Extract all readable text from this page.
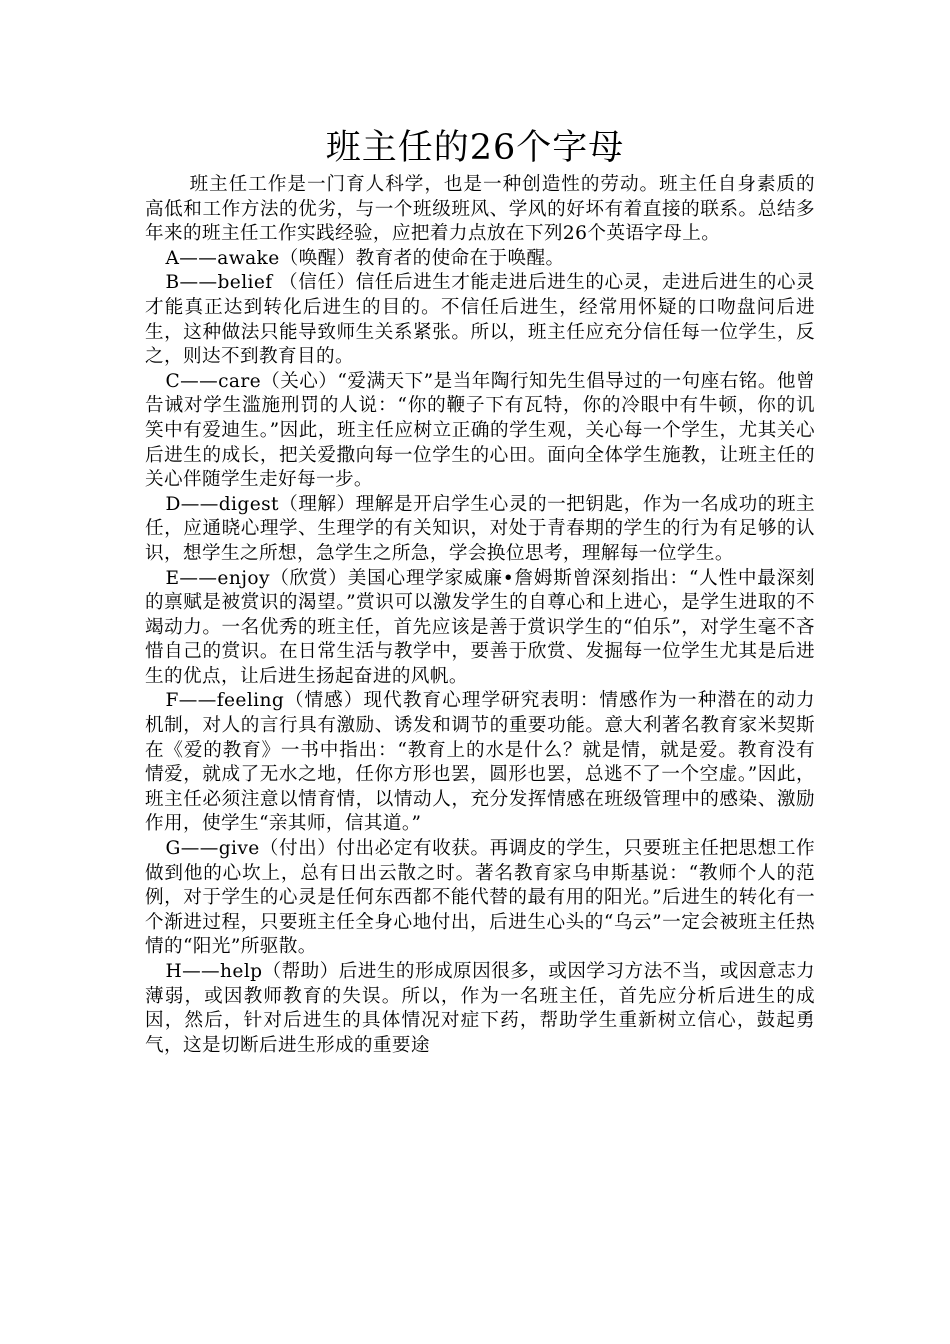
班主任的26个字母

班主任工作是一门育人科学，也是一种创造性的劳动。班主任自身素质的高低和工作方法的优劣，与一个班级班风、学风的好坏有着直接的联系。总结多年来的班主任工作实践经验，应把着力点放在下列26个英语字母上。

A——awake（唤醒）教育者的使命在于唤醒。

B——belief （信任）信任后进生才能走进后进生的心灵，走进后进生的心灵才能真正达到转化后进生的目的。不信任后进生，经常用怀疑的口吻盘问后进生，这种做法只能导致师生关系紧张。所以，班主任应充分信任每一位学生，反之，则达不到教育目的。

C——care（关心）“爱满天下”是当年陶行知先生倡导过的一句座右铭。他曾告诫对学生滥施刑罚的人说：“你的鞭子下有瓦特，你的冷眼中有牛顿，你的讥笑中有爱迪生。”因此，班主任应树立正确的学生观，关心每一个学生，尤其关心后进生的成长，把关爱撒向每一位学生的心田。面向全体学生施教，让班主任的关心伴随学生走好每一步。

D——digest（理解）理解是开启学生心灵的一把钥匙，作为一名成功的班主任，应通晓心理学、生理学的有关知识，对处于青春期的学生的行为有足够的认识，想学生之所想，急学生之所急，学会换位思考，理解每一位学生。

E——enjoy（欣赏）美国心理学家威廉•詹姆斯曾深刻指出：“人性中最深刻的禀赋是被赏识的渴望。”赏识可以激发学生的自尊心和上进心，是学生进取的不竭动力。一名优秀的班主任，首先应该是善于赏识学生的“伯乐”，对学生毫不吝惜自己的赏识。在日常生活与教学中，要善于欣赏、发掘每一位学生尤其是后进生的优点，让后进生扬起奋进的风帆。

F——feeling（情感）现代教育心理学研究表明：情感作为一种潜在的动力机制，对人的言行具有激励、诱发和调节的重要功能。意大利著名教育家米契斯在《爱的教育》一书中指出：“教育上的水是什么？就是情，就是爱。教育没有情爱，就成了无水之地，任你方形也罢，圆形也罢，总逃不了一个空虚。”因此，班主任必须注意以情育情，以情动人，充分发挥情感在班级管理中的感染、激励作用，使学生“亲其师，信其道。”

G——give（付出）付出必定有收获。再调皮的学生，只要班主任把思想工作做到他的心坎上，总有日出云散之时。著名教育家乌申斯基说：“教师个人的范例，对于学生的心灵是任何东西都不能代替的最有用的阳光。”后进生的转化有一个渐进过程，只要班主任全身心地付出，后进生心头的“乌云”一定会被班主任热情的“阳光”所驱散。

H——help（帮助）后进生的形成原因很多，或因学习方法不当，或因意志力薄弱，或因教师教育的失误。所以，作为一名班主任，首先应分析后进生的成因，然后，针对后进生的具体情况对症下药，帮助学生重新树立信心，鼓起勇气，这是切断后进生形成的重要途
